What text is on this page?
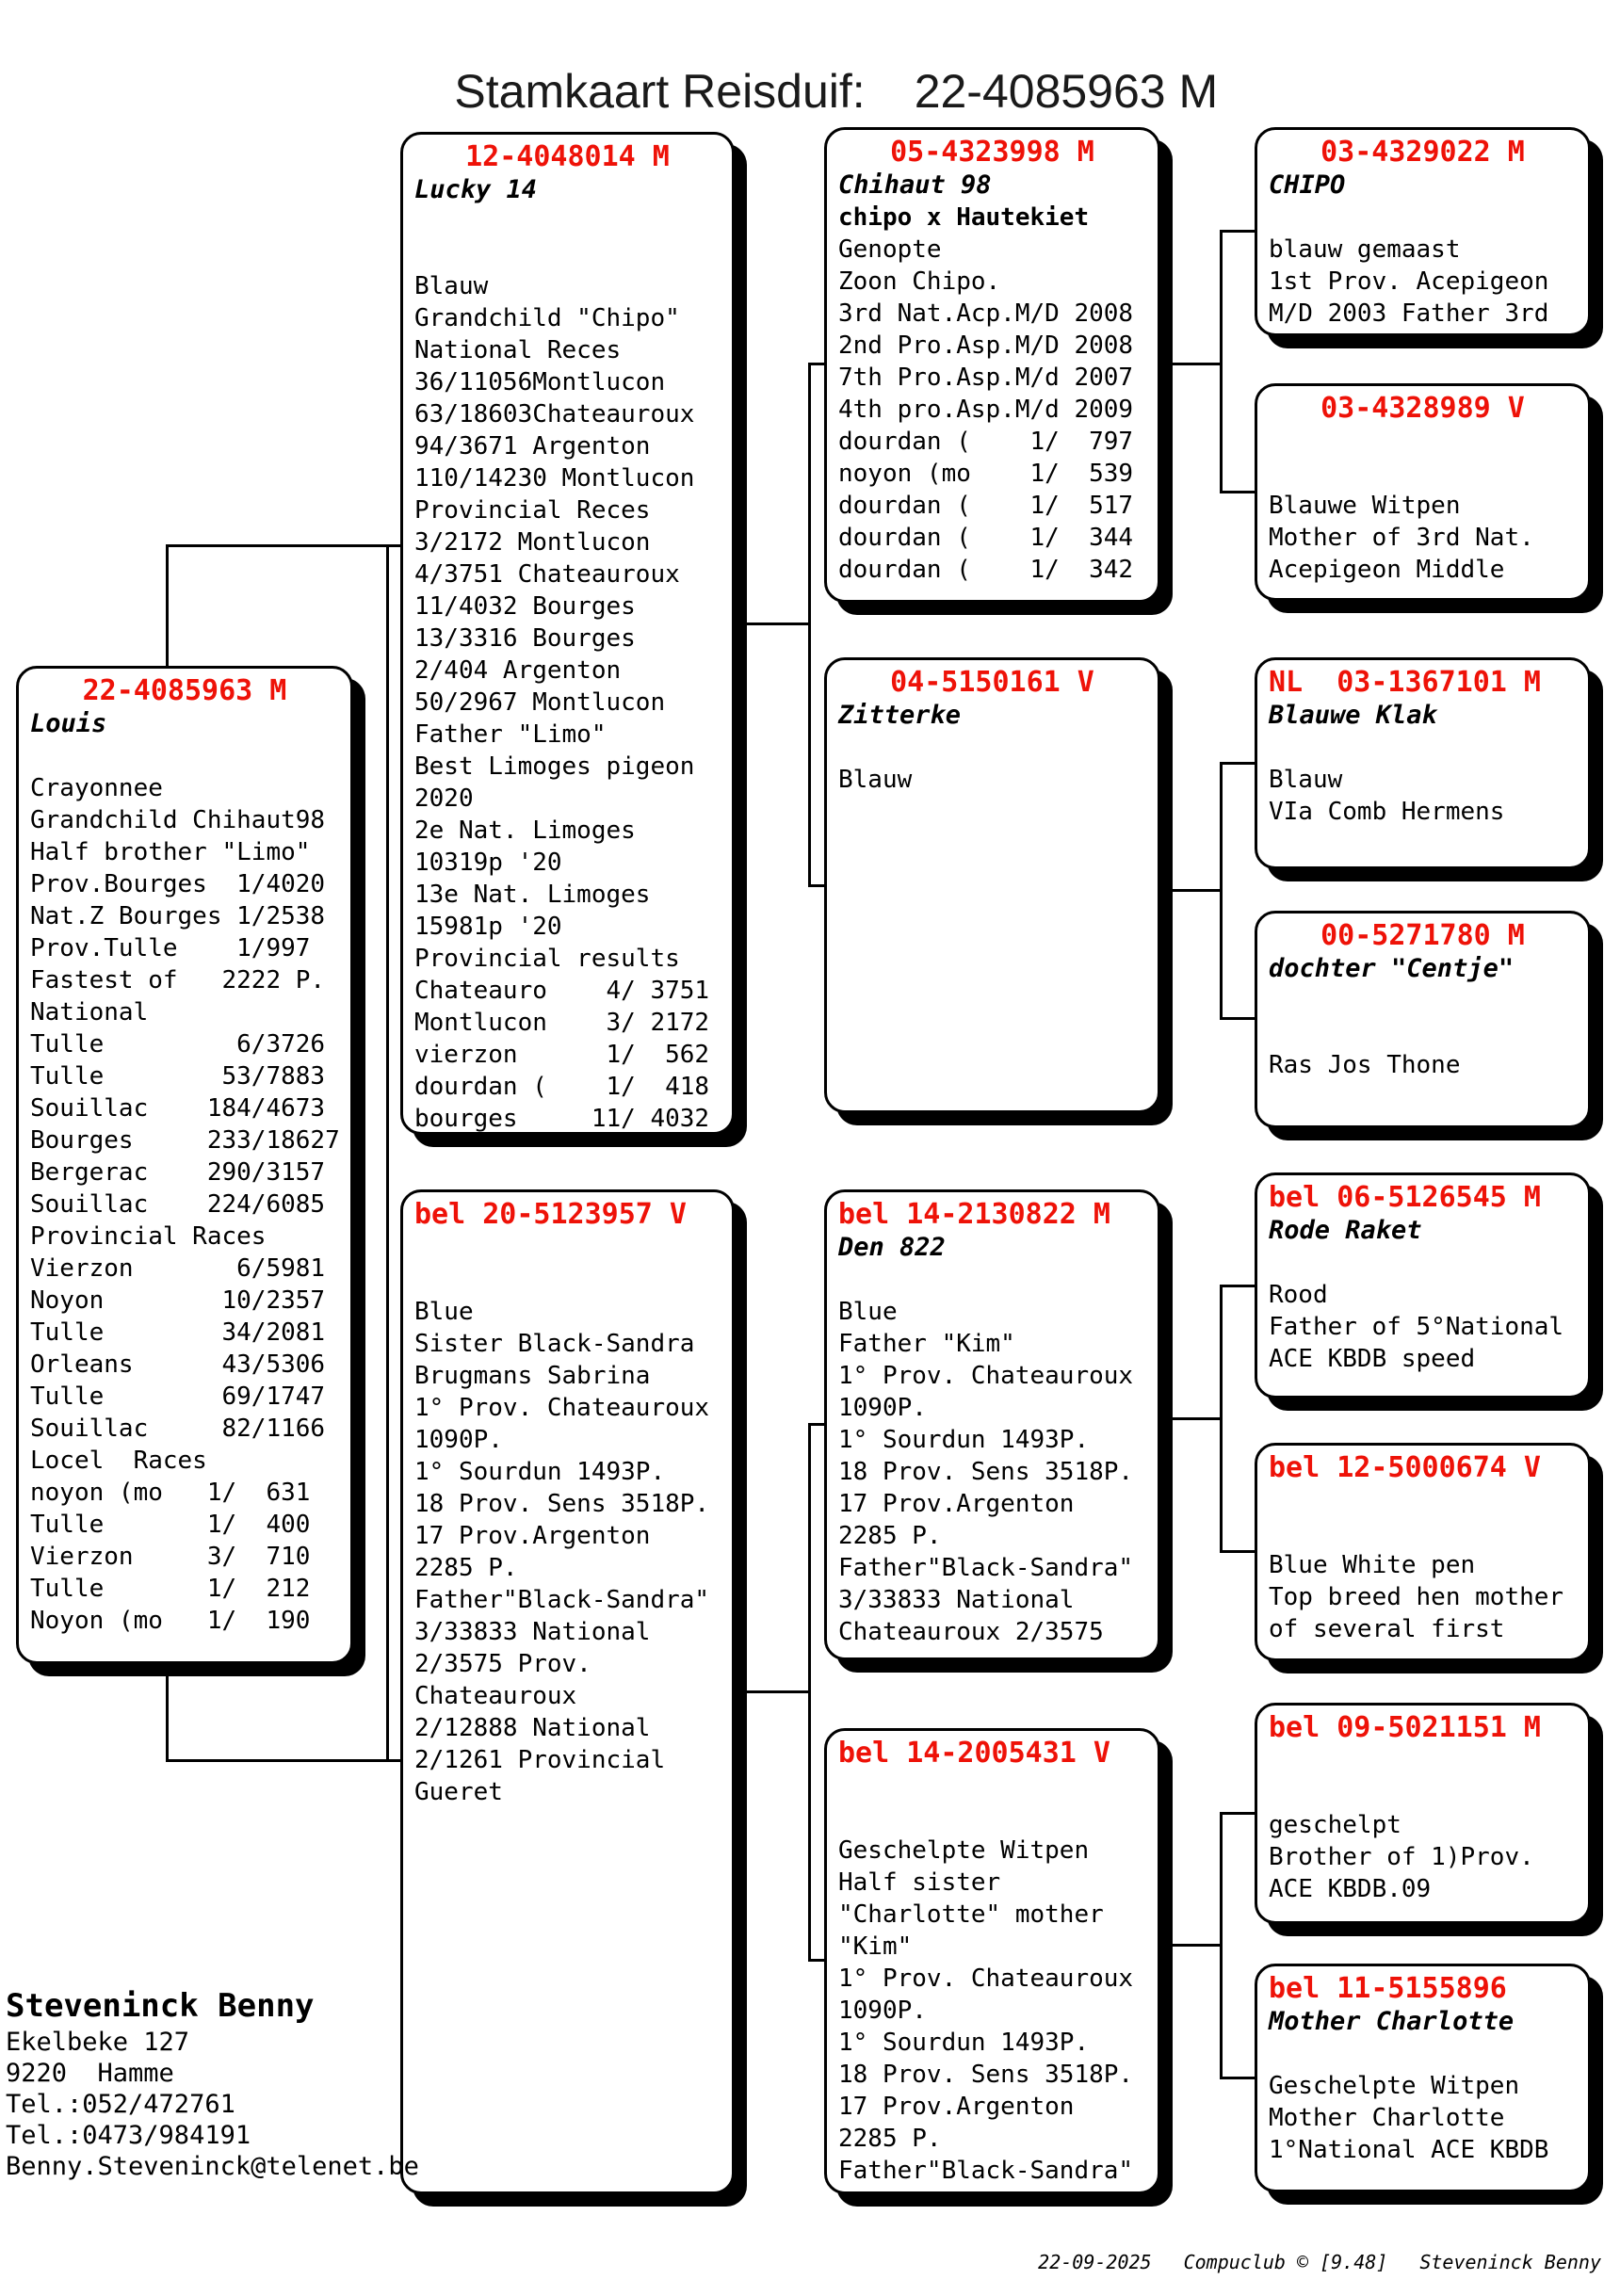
Stamkaart Reisduif: 22-4085963 M

22-4085963 M
Louis

Crayonnee
Grandchild Chihaut98
Half brother "Limo"
Prov.Bourges  1/4020
Nat.Z Bourges 1/2538
Prov.Tulle    1/997
Fastest of   2222 P.
National
Tulle         6/3726
Tulle        53/7883
Souillac    184/4673
Bourges     233/18627
Bergerac    290/3157
Souillac    224/6085
Provincial Races
Vierzon       6/5981
Noyon        10/2357
Tulle        34/2081
Orleans      43/5306
Tulle        69/1747
Souillac     82/1166
Locel  Races
noyon (mo   1/  631
Tulle       1/  400
Vierzon     3/  710
Tulle       1/  212
Noyon (mo   1/  190
12-4048014 M
Lucky 14

Blauw
Grandchild "Chipo"
National Reces
36/11056Montlucon
63/18603Chateauroux
94/3671 Argenton
110/14230 Montlucon
Provincial Reces
3/2172 Montlucon
4/3751 Chateauroux
11/4032 Bourges
13/3316 Bourges
2/404 Argenton
50/2967 Montlucon
Father "Limo"
Best Limoges pigeon
2020
2e Nat. Limoges
10319p '20
13e Nat. Limoges
15981p '20
Provincial results
Chateauro    4/ 3751
Montlucon    3/ 2172
vierzon      1/  562
dourdan (    1/  418
bourges     11/ 4032
bel 20-5123957 V

Blue
Sister Black-Sandra
Brugmans Sabrina
1° Prov. Chateauroux
1090P.
1° Sourdun 1493P.
18 Prov. Sens 3518P.
17 Prov.Argenton
2285 P.
Father"Black-Sandra"
3/33833 National
2/3575 Prov.
Chateauroux
2/12888 National
2/1261 Provincial
Gueret
05-4323998 M
Chihaut 98
chipo x Hautekiet
Genopte
Zoon Chipo.
3rd Nat.Acp.M/D 2008
2nd Pro.Asp.M/D 2008
7th Pro.Asp.M/d 2007
4th pro.Asp.M/d 2009
dourdan (    1/  797
noyon (mo    1/  539
dourdan (    1/  517
dourdan (    1/  344
dourdan (    1/  342
04-5150161 V
Zitterke

Blauw
bel 14-2130822 M
Den 822

Blue
Father "Kim"
1° Prov. Chateauroux
1090P.
1° Sourdun 1493P.
18 Prov. Sens 3518P.
17 Prov.Argenton
2285 P.
Father"Black-Sandra"
3/33833 National
Chateauroux 2/3575
bel 14-2005431 V

Geschelpte Witpen
Half sister
"Charlotte" mother
"Kim"
1° Prov. Chateauroux
1090P.
1° Sourdun 1493P.
18 Prov. Sens 3518P.
17 Prov.Argenton
2285 P.
Father"Black-Sandra"
03-4329022 M
CHIPO

blauw gemaast
1st Prov. Acepigeon
M/D 2003 Father 3rd
03-4328989 V

Blauwe Witpen
Mother of 3rd Nat.
Acepigeon Middle
NL  03-1367101 M
Blauwe Klak

Blauw
VIa Comb Hermens
00-5271780 M
dochter "Centje"

Ras Jos Thone
bel 06-5126545 M
Rode Raket

Rood
Father of 5°National
ACE KBDB speed
bel 12-5000674 V

Blue White pen
Top breed hen mother
of several first
bel 09-5021151 M

geschelpt
Brother of 1)Prov.
ACE KBDB.09
bel 11-5155896
Mother Charlotte

Geschelpte Witpen
Mother Charlotte
1°National ACE KBDB
Steveninck Benny
Ekelbeke 127
9220  Hamme
Tel.:052/472761
Tel.:0473/984191
Benny.Steveninck@telenet.be

22-09-2025 Compuclub © [9.48] Steveninck Benny
